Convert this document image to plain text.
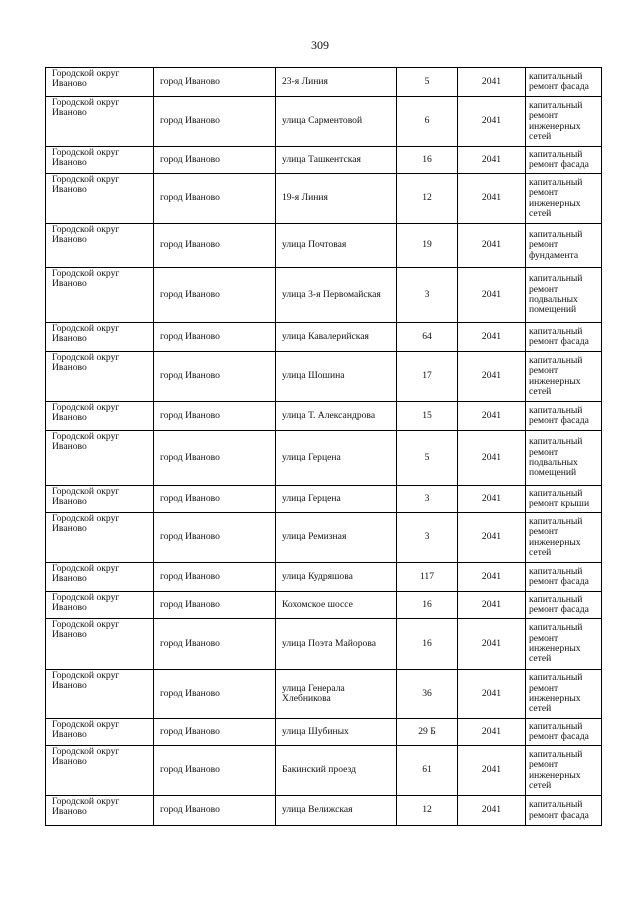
309
Городской округ Иваново	город Иваново	23-я Линия	5	2041	капитальный ремонт фасада
Городской округ Иваново	город Иваново	улица Сарментовой	6	2041	капитальный ремонт инженерных сетей
Городской округ Иваново	город Иваново	улица Ташкентская	16	2041	капитальный ремонт фасада
Городской округ Иваново	город Иваново	19-я Линия	12	2041	капитальный ремонт инженерных сетей
Городской округ Иваново	город Иваново	улица Почтовая	19	2041	капитальный ремонт фундамента
Городской округ Иваново	город Иваново	улица 3-я Первомайская	3	2041	капитальный ремонт подвальных помещений
Городской округ Иваново	город Иваново	улица Кавалерийская	64	2041	капитальный ремонт фасада
Городской округ Иваново	город Иваново	улица Шошина	17	2041	капитальный ремонт инженерных сетей
Городской округ Иваново	город Иваново	улица Т. Александрова	15	2041	капитальный ремонт фасада
Городской округ Иваново	город Иваново	улица Герцена	5	2041	капитальный ремонт подвальных помещений
Городской округ Иваново	город Иваново	улица Герцена	3	2041	капитальный ремонт крыши
Городской округ Иваново	город Иваново	улица Ремизная	3	2041	капитальный ремонт инженерных сетей
Городской округ Иваново	город Иваново	улица Кудряшова	117	2041	капитальный ремонт фасада
Городской округ Иваново	город Иваново	Кохомское шоссе	16	2041	капитальный ремонт фасада
Городской округ Иваново	город Иваново	улица Поэта Майорова	16	2041	капитальный ремонт инженерных сетей
Городской округ Иваново	город Иваново	улица Генерала Хлебникова	36	2041	капитальный ремонт инженерных сетей
Городской округ Иваново	город Иваново	улица Шубиных	29 Б	2041	капитальный ремонт фасада
Городской округ Иваново	город Иваново	Бакинский проезд	61	2041	капитальный ремонт инженерных сетей
Городской округ Иваново	город Иваново	улица Велижская	12	2041	капитальный ремонт фасада
